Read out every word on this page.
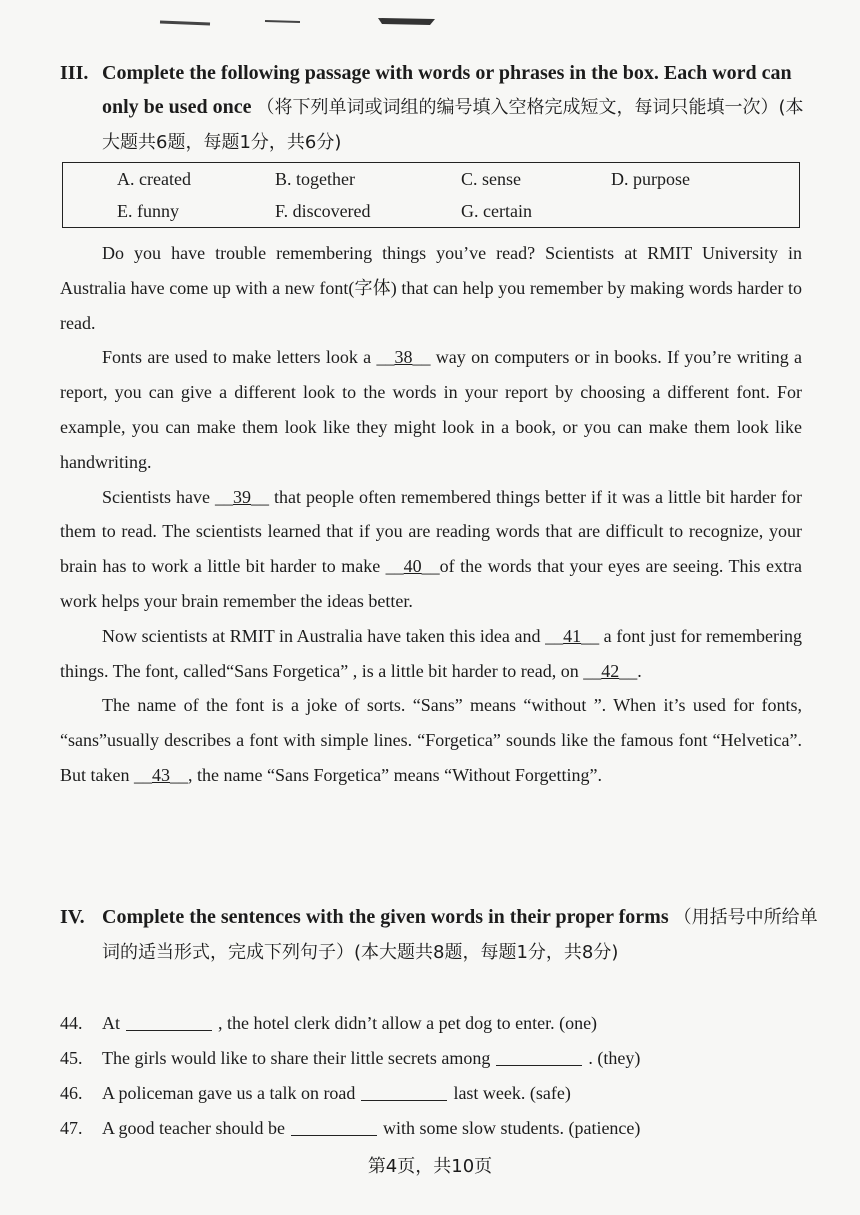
III. Complete the following passage with words or phrases in the box. Each word can only be used once （将下列单词或词组的编号填入空格完成短文，每词只能填一次）(本大题共6题，每题1分，共6分)
A. created	B. together	C. sense	D. purpose
E. funny	F. discovered	G. certain

Do you have trouble remembering things you’ve read? Scientists at RMIT University in Australia have come up with a new font(字体) that can help you remember by making words harder to read.

Fonts are used to make letters look a __38__ way on computers or in books. If you’re writing a report, you can give a different look to the words in your report by choosing a different font. For example, you can make them look like they might look in a book, or you can make them look like handwriting.

Scientists have __39__ that people often remembered things better if it was a little bit harder for them to read. The scientists learned that if you are reading words that are difficult to recognize, your brain has to work a little bit harder to make __40__of the words that your eyes are seeing. This extra work helps your brain remember the ideas better.

Now scientists at RMIT in Australia have taken this idea and __41__ a font just for remembering things. The font, called“Sans Forgetica” , is a little bit harder to read, on __42__.

The name of the font is a joke of sorts. “Sans” means “without ”. When it’s used for fonts, “sans”usually describes a font with simple lines. “Forgetica” sounds like the famous font “Helvetica”. But taken __43__, the name “Sans Forgetica” means “Without Forgetting”.

IV. Complete the sentences with the given words in their proper forms （用括号中所给单词的适当形式，完成下列句子）(本大题共8题，每题1分，共8分)
44. At	, the hotel clerk didn’t allow a pet dog to enter. (one)
45. The girls would like to share their little secrets among	. (they)
46. A policeman gave us a talk on road	last week. (safe)
47. A good teacher should be	with some slow students. (patience)
第4页，共10页
